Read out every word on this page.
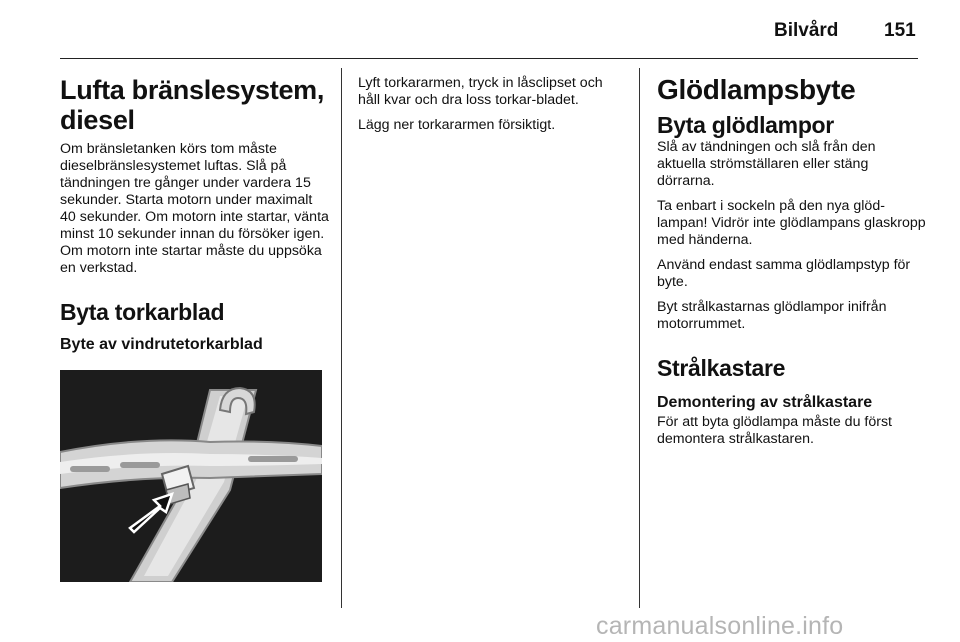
Bilvård 151
Lufta bränslesystem, diesel

Om bränsletanken körs tom måste dieselbränslesystemet luftas. Slå på tändningen tre gånger under vardera 15 sekunder. Starta motorn under maximalt 40 sekunder. Om motorn inte startar, vänta minst 10 sekunder innan du försöker igen. Om motorn inte startar måste du uppsöka en verkstad.

Byta torkarblad
Byte av vindrutetorkarblad

Lyft torkararmen, tryck in låsclipset och håll kvar och dra loss torkar-bladet.

Lägg ner torkararmen försiktigt.

Glödlampsbyte
Byta glödlampor

Slå av tändningen och slå från den aktuella strömställaren eller stäng dörrarna.

Ta enbart i sockeln på den nya glöd-lampan! Vidrör inte glödlampans glaskropp med händerna.

Använd endast samma glödlampstyp för byte.

Byt strålkastarnas glödlampor inifrån motorrummet.

Strålkastare
Demontering av strålkastare

För att byta glödlampa måste du först demontera strålkastaren.

carmanualsonline.info
